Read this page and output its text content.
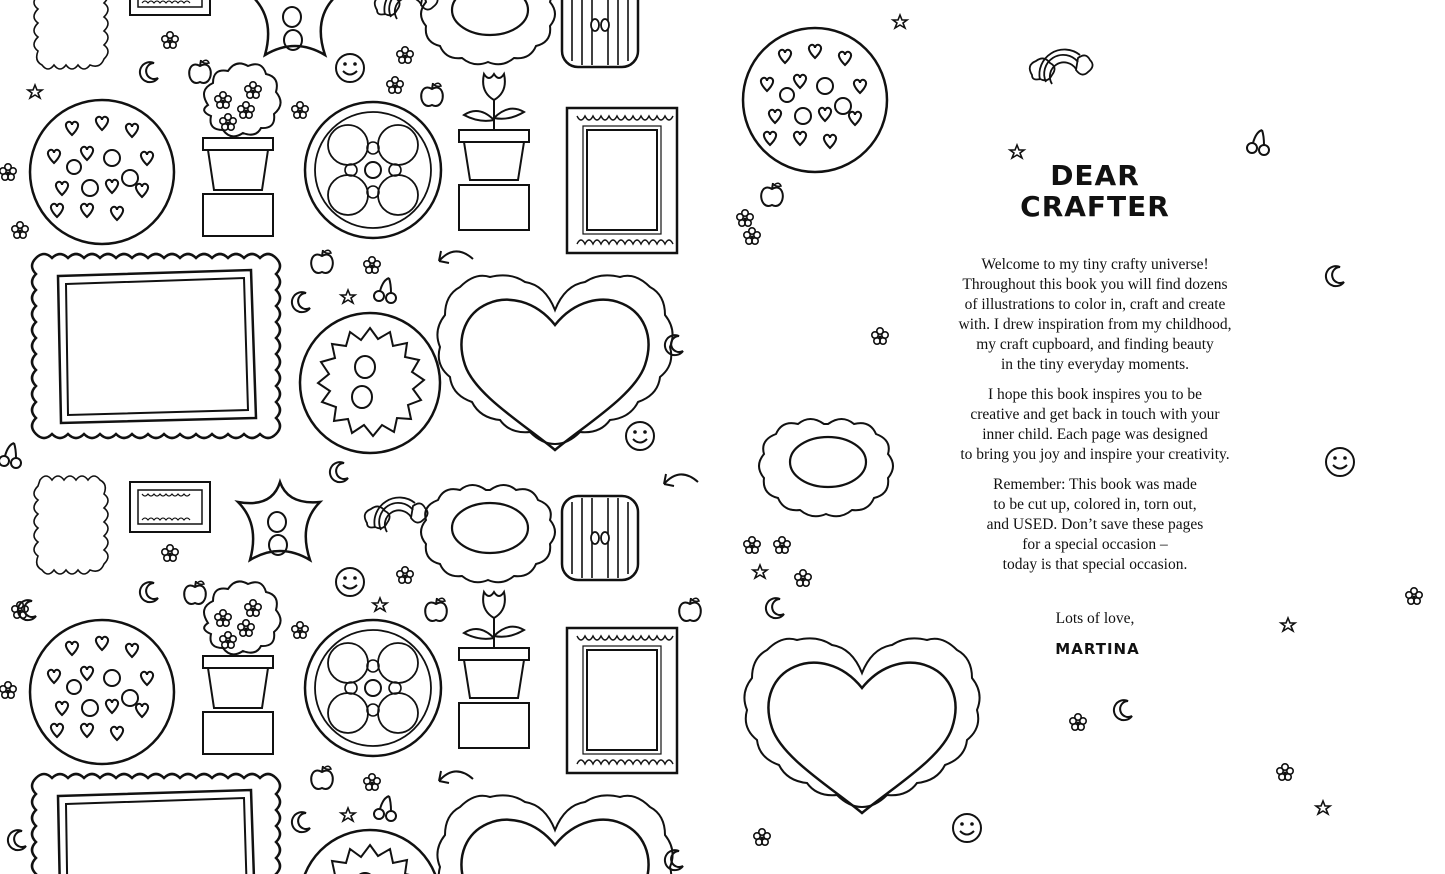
DEAR
CRAFTER

Welcome to my tiny crafty universe!
Throughout this book you will find dozens
of illustrations to color in, craft and create
with. I drew inspiration from my childhood,
my craft cupboard, and finding beauty
in the tiny everyday moments.

I hope this book inspires you to be
creative and get back in touch with your
inner child. Each page was designed
to bring you joy and inspire your creativity.

Remember: This book was made
to be cut up, colored in, torn out,
and USED. Don’t save these pages
for a special occasion –
today is that special occasion.

Lots of love,
MARTINA
